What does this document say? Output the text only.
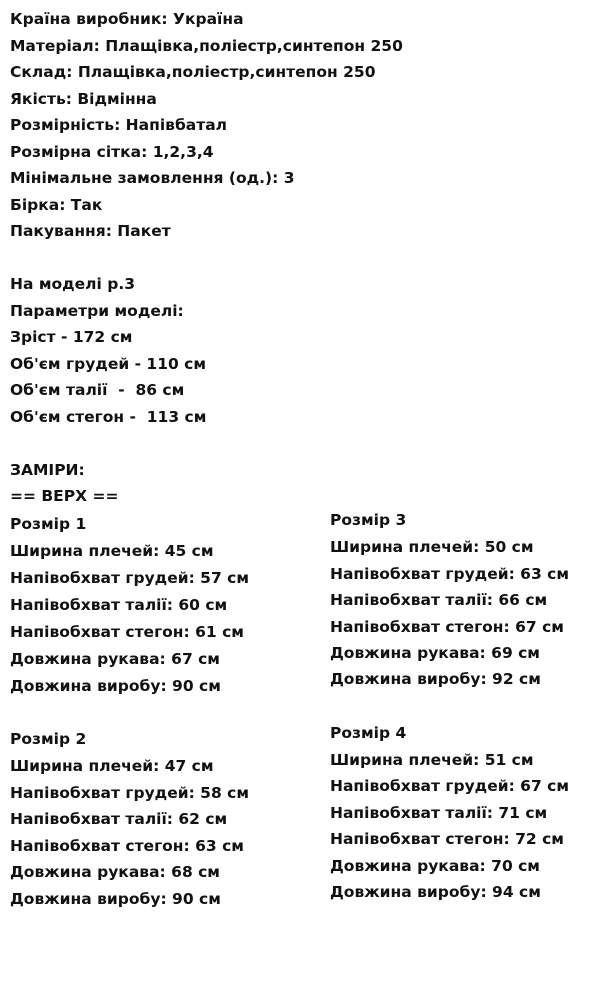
Країна виробник: Україна
Матеріал: Плащівка,поліестр,синтепон 250
Склад: Плащівка,поліестр,синтепон 250
Якість: Відмінна
Розмірність: Напівбатал
Розмірна сітка: 1,2,3,4
Мінімальне замовлення (од.): 3
Бірка: Так
Пакування: Пакет
На моделі р.3
Параметри моделі:
Зріст - 172 см
Об'єм грудей - 110 см
Об'єм талії  -  86 см
Об'єм стегон -  113 см
ЗАМІРИ:
== ВЕРХ ==
Розмір 1
Ширина плечей: 45 см
Напівобхват грудей: 57 см
Напівобхват талії: 60 см
Напівобхват стегон: 61 см
Довжина рукава: 67 см
Довжина виробу: 90 см
Розмір 2
Ширина плечей: 47 см
Напівобхват грудей: 58 см
Напівобхват талії: 62 см
Напівобхват стегон: 63 см
Довжина рукава: 68 см
Довжина виробу: 90 см
Розмір 3
Ширина плечей: 50 см
Напівобхват грудей: 63 см
Напівобхват талії: 66 см
Напівобхват стегон: 67 см
Довжина рукава: 69 см
Довжина виробу: 92 см
Розмір 4
Ширина плечей: 51 см
Напівобхват грудей: 67 см
Напівобхват талії: 71 см
Напівобхват стегон: 72 см
Довжина рукава: 70 см
Довжина виробу: 94 см
